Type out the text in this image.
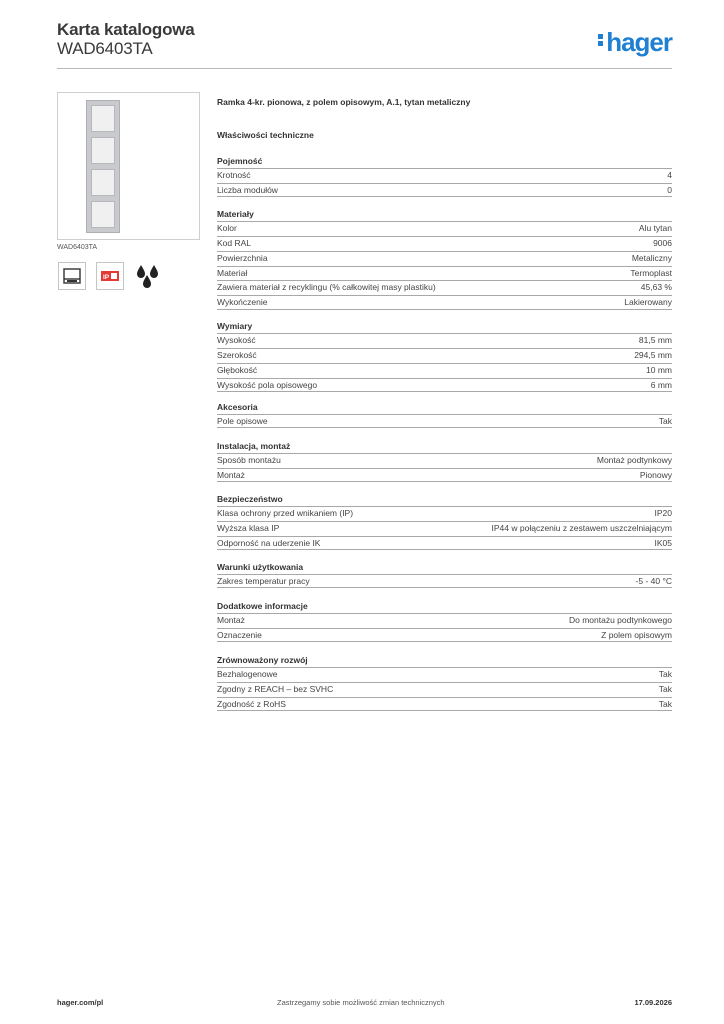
Karta katalogowa
WAD6403TA	hager
WAD6403TA
IP
Ramka 4-kr. pionowa, z polem opisowym, A.1, tytan metaliczny
Właściwości techniczne
Pojemność
Krotność	4
Liczba modułów	0
Materiały
Kolor	Alu tytan
Kod RAL	9006
Powierzchnia	Metaliczny
Materiał	Termoplast
Zawiera materiał z recyklingu (% całkowitej masy plastiku)	45,63 %
Wykończenie	Lakierowany
Wymiary
Wysokość	81,5 mm
Szerokość	294,5 mm
Głębokość	10 mm
Wysokość pola opisowego	6 mm
Akcesoria
Pole opisowe	Tak
Instalacja, montaż
Sposób montażu	Montaż podtynkowy
Montaż	Pionowy
Bezpieczeństwo
Klasa ochrony przed wnikaniem (IP)	IP20
Wyższa klasa IP	IP44 w połączeniu z zestawem uszczelniającym
Odporność na uderzenie IK	IK05
Warunki użytkowania
Zakres temperatur pracy	-5 - 40 °C
Dodatkowe informacje
Montaż	Do montażu podtynkowego
Oznaczenie	Z polem opisowym
Zrównoważony rozwój
Bezhalogenowe	Tak
Zgodny z REACH – bez SVHC	Tak
Zgodność z RoHS	Tak
hager.com/pl	Zastrzegamy sobie możliwość zmian technicznych	17.09.2026
